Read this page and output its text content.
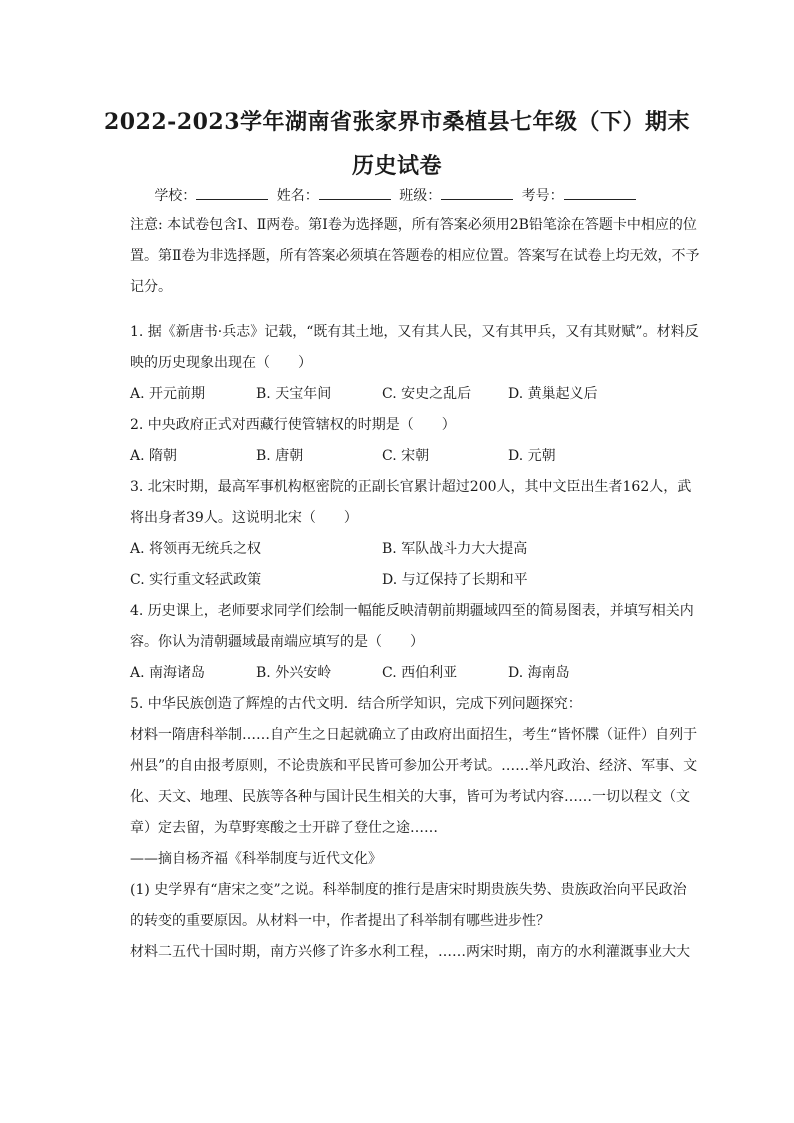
2022-2023学年湖南省张家界市桑植县七年级（下）期末历史试卷
学校：	姓名：	班级：	考号：

注意: 本试卷包含Ⅰ、Ⅱ两卷。第Ⅰ卷为选择题，所有答案必须用2B铅笔涂在答题卡中相应的位置。第Ⅱ卷为非选择题，所有答案必须填在答题卷的相应位置。答案写在试卷上均无效，不予记分。

1. 据《新唐书·兵志》记载，“既有其土地，又有其人民，又有其甲兵，又有其财赋”。材料反映的历史现象出现在（　　）

A. 开元前期	B. 天宝年间	C. 安史之乱后	D. 黄巢起义后

2. 中央政府正式对西藏行使管辖权的时期是（　　）

A. 隋朝	B. 唐朝	C. 宋朝	D. 元朝

3. 北宋时期，最高军事机构枢密院的正副长官累计超过200人，其中文臣出生者162人，武将出身者39人。这说明北宋（　　）

A. 将领再无统兵之权	B. 军队战斗力大大提高
C. 实行重文轻武政策	D. 与辽保持了长期和平

4. 历史课上，老师要求同学们绘制一幅能反映清朝前期疆域四至的简易图表，并填写相关内容。你认为清朝疆域最南端应填写的是（　　）

A. 南海诸岛	B. 外兴安岭	C. 西伯利亚	D. 海南岛

5. 中华民族创造了辉煌的古代文明．结合所学知识，完成下列问题探究：

材料一隋唐科举制……自产生之日起就确立了由政府出面招生，考生“皆怀牒（证件）自列于州县”的自由报考原则，不论贵族和平民皆可参加公开考试。……举凡政治、经济、军事、文化、天文、地理、民族等各种与国计民生相关的大事，皆可为考试内容……一切以程文（文章）定去留，为草野寒酸之士开辟了登仕之途……

——摘自杨齐福《科举制度与近代文化》

(1) 史学界有“唐宋之变”之说。科举制度的推行是唐宋时期贵族失势、贵族政治向平民政治的转变的重要原因。从材料一中，作者提出了科举制有哪些进步性？

材料二五代十国时期，南方兴修了许多水利工程，……两宋时期，南方的水利灌溉事业大大
